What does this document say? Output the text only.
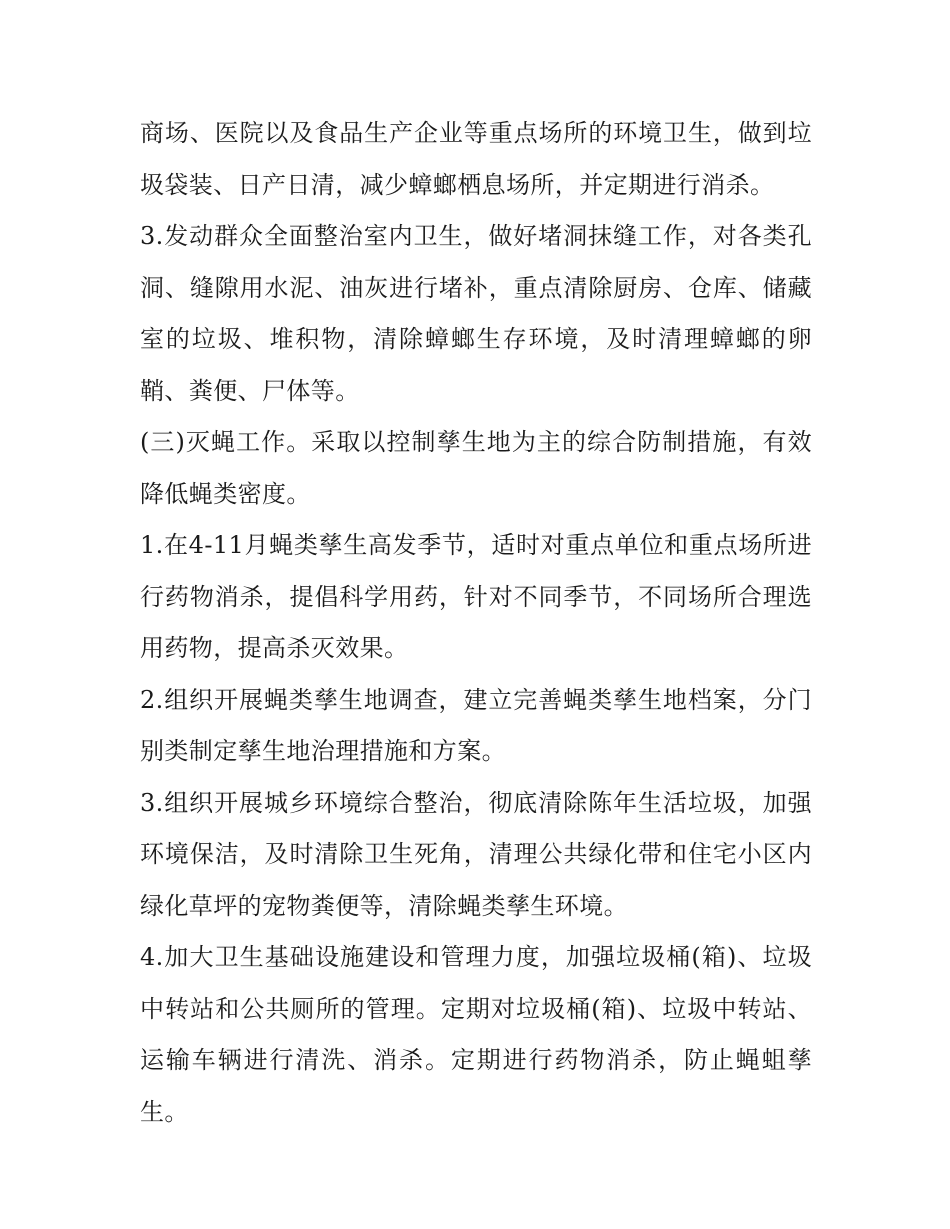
商场、医院以及食品生产企业等重点场所的环境卫生，做到垃圾袋装、日产日清，减少蟑螂栖息场所，并定期进行消杀。

3.发动群众全面整治室内卫生，做好堵洞抹缝工作，对各类孔洞、缝隙用水泥、油灰进行堵补，重点清除厨房、仓库、储藏室的垃圾、堆积物，清除蟑螂生存环境，及时清理蟑螂的卵鞘、粪便、尸体等。

(三)灭蝇工作。采取以控制孳生地为主的综合防制措施，有效降低蝇类密度。

1.在4-11月蝇类孳生高发季节，适时对重点单位和重点场所进行药物消杀，提倡科学用药，针对不同季节，不同场所合理选用药物，提高杀灭效果。

2.组织开展蝇类孳生地调查，建立完善蝇类孳生地档案，分门别类制定孳生地治理措施和方案。

3.组织开展城乡环境综合整治，彻底清除陈年生活垃圾，加强环境保洁，及时清除卫生死角，清理公共绿化带和住宅小区内绿化草坪的宠物粪便等，清除蝇类孳生环境。

4.加大卫生基础设施建设和管理力度，加强垃圾桶(箱)、垃圾中转站和公共厕所的管理。定期对垃圾桶(箱)、垃圾中转站、运输车辆进行清洗、消杀。定期进行药物消杀，防止蝇蛆孳生。
